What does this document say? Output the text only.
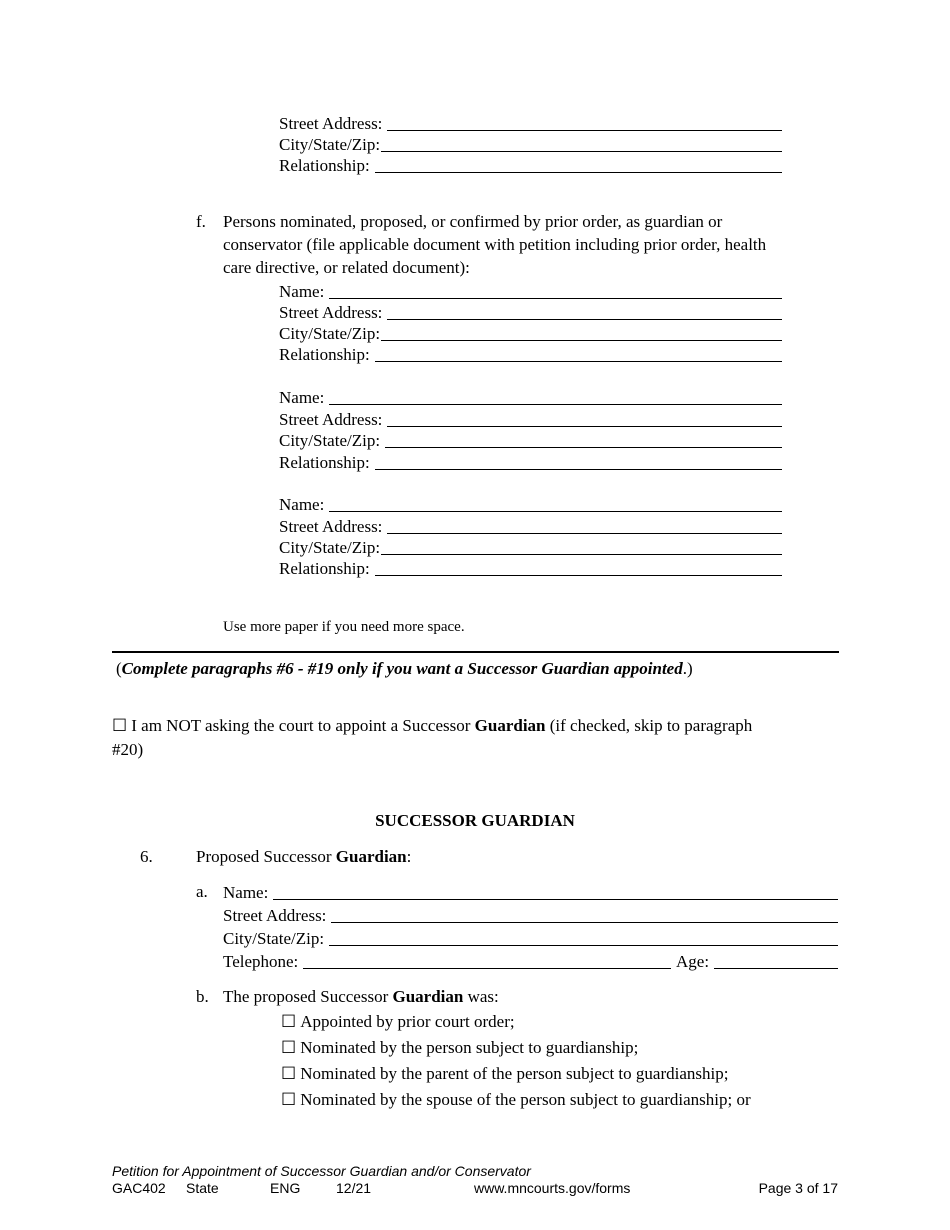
Street Address:
City/State/Zip:
Relationship:
f. Persons nominated, proposed, or confirmed by prior order, as guardian or
conservator (file applicable document with petition including prior order, health
care directive, or related document):
Name:
Street Address:
City/State/Zip:
Relationship:
Name:
Street Address:
City/State/Zip:
Relationship:
Name:
Street Address:
City/State/Zip:
Relationship:
Use more paper if you need more space.
(Complete paragraphs #6 - #19 only if you want a Successor Guardian appointed.)
☐ I am NOT asking the court to appoint a Successor Guardian (if checked, skip to paragraph
#20)
SUCCESSOR GUARDIAN
6.	Proposed Successor Guardian:
a. Name:
Street Address:
City/State/Zip:
Telephone:	Age:
b. The proposed Successor Guardian was:
☐ Appointed by prior court order;
☐ Nominated by the person subject to guardianship;
☐ Nominated by the parent of the person subject to guardianship;
☐ Nominated by the spouse of the person subject to guardianship; or
Petition for Appointment of Successor Guardian and/or Conservator
GAC402 State	ENG	12/21	www.mncourts.gov/forms	Page 3 of 17
